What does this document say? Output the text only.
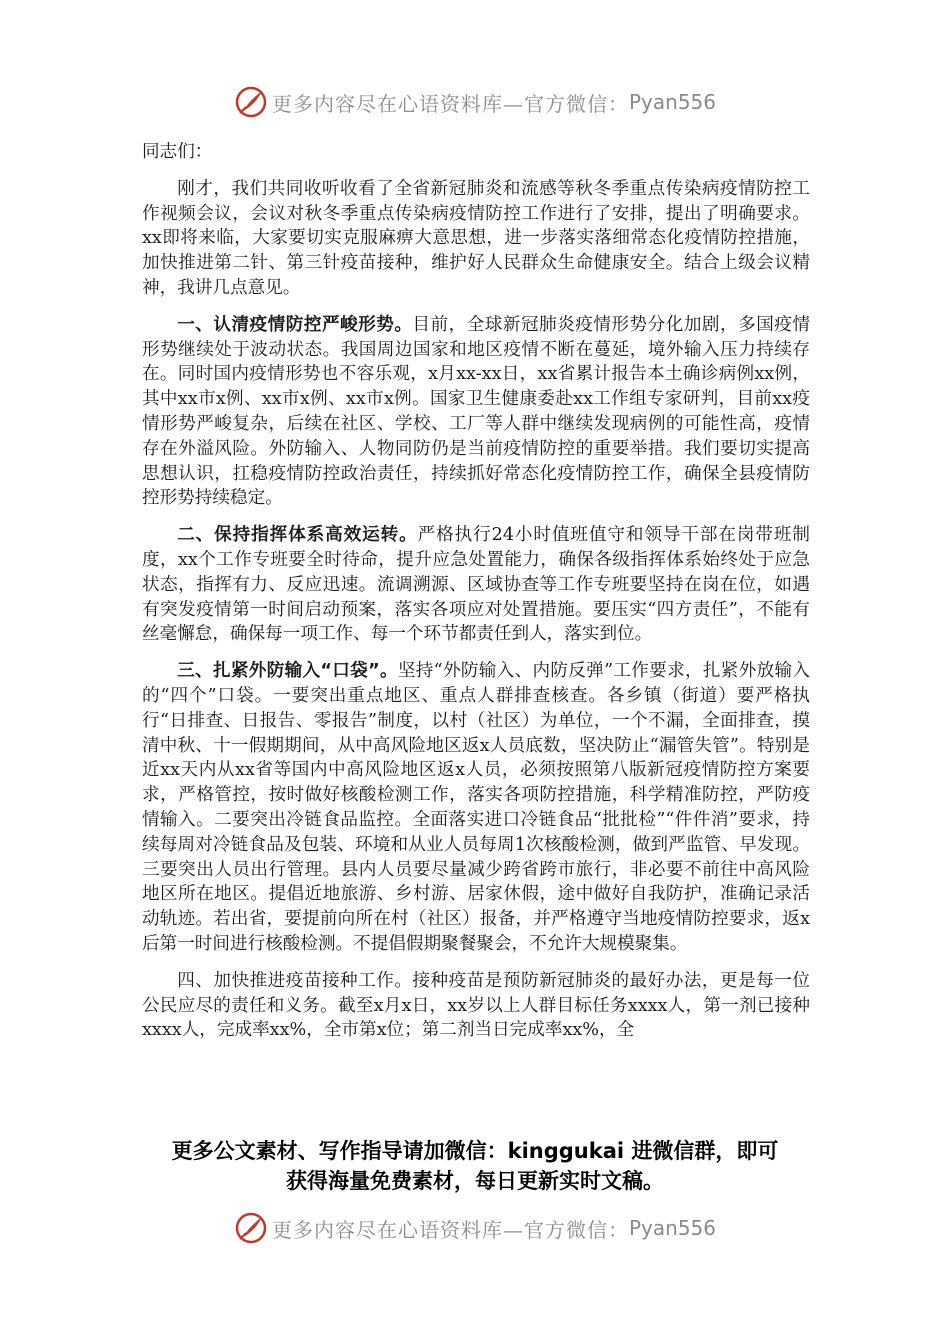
更多内容尽在心语资料库—官方微信： Pyan556

同志们：

刚才，我们共同收听收看了全省新冠肺炎和流感等秋冬季重点传染病疫情防控工作视频会议，会议对秋冬季重点传染病疫情防控工作进行了安排，提出了明确要求。xx即将来临，大家要切实克服麻痹大意思想，进一步落实落细常态化疫情防控措施，加快推进第二针、第三针疫苗接种，维护好人民群众生命健康安全。结合上级会议精神，我讲几点意见。

一、认清疫情防控严峻形势。目前，全球新冠肺炎疫情形势分化加剧，多国疫情形势继续处于波动状态。我国周边国家和地区疫情不断在蔓延，境外输入压力持续存在。同时国内疫情形势也不容乐观，x月xx-xx日，xx省累计报告本土确诊病例xx例，其中xx市x例、xx市x例、xx市x例。国家卫生健康委赴xx工作组专家研判，目前xx疫情形势严峻复杂，后续在社区、学校、工厂等人群中继续发现病例的可能性高，疫情存在外溢风险。外防输入、人物同防仍是当前疫情防控的重要举措。我们要切实提高思想认识，扛稳疫情防控政治责任，持续抓好常态化疫情防控工作，确保全县疫情防控形势持续稳定。

二、保持指挥体系高效运转。严格执行24小时值班值守和领导干部在岗带班制度，xx个工作专班要全时待命，提升应急处置能力，确保各级指挥体系始终处于应急状态，指挥有力、反应迅速。流调溯源、区域协查等工作专班要坚持在岗在位，如遇有突发疫情第一时间启动预案，落实各项应对处置措施。要压实“四方责任”，不能有丝毫懈怠，确保每一项工作、每一个环节都责任到人，落实到位。

三、扎紧外防输入“口袋”。坚持“外防输入、内防反弹”工作要求，扎紧外放输入的“四个”口袋。一要突出重点地区、重点人群排查核查。各乡镇（街道）要严格执行“日排查、日报告、零报告”制度，以村（社区）为单位，一个不漏，全面排查，摸清中秋、十一假期期间，从中高风险地区返x人员底数，坚决防止“漏管失管”。特别是近xx天内从xx省等国内中高风险地区返x人员，必须按照第八版新冠疫情防控方案要求，严格管控，按时做好核酸检测工作，落实各项防控措施，科学精准防控，严防疫情输入。二要突出冷链食品监控。全面落实进口冷链食品“批批检”“件件消”要求，持续每周对冷链食品及包装、环境和从业人员每周1次核酸检测，做到严监管、早发现。三要突出人员出行管理。县内人员要尽量减少跨省跨市旅行，非必要不前往中高风险地区所在地区。提倡近地旅游、乡村游、居家休假，途中做好自我防护，准确记录活动轨迹。若出省，要提前向所在村（社区）报备，并严格遵守当地疫情防控要求，返x后第一时间进行核酸检测。不提倡假期聚餐聚会，不允许大规模聚集。

四、加快推进疫苗接种工作。接种疫苗是预防新冠肺炎的最好办法，更是每一位公民应尽的责任和义务。截至x月x日，xx岁以上人群目标任务xxxx人，第一剂已接种xxxx人，完成率xx%，全市第x位；第二剂当日完成率xx%，全

更多公文素材、写作指导请加微信：kinggukai 进微信群，即可
获得海量免费素材，每日更新实时文稿。
更多内容尽在心语资料库—官方微信： Pyan556
